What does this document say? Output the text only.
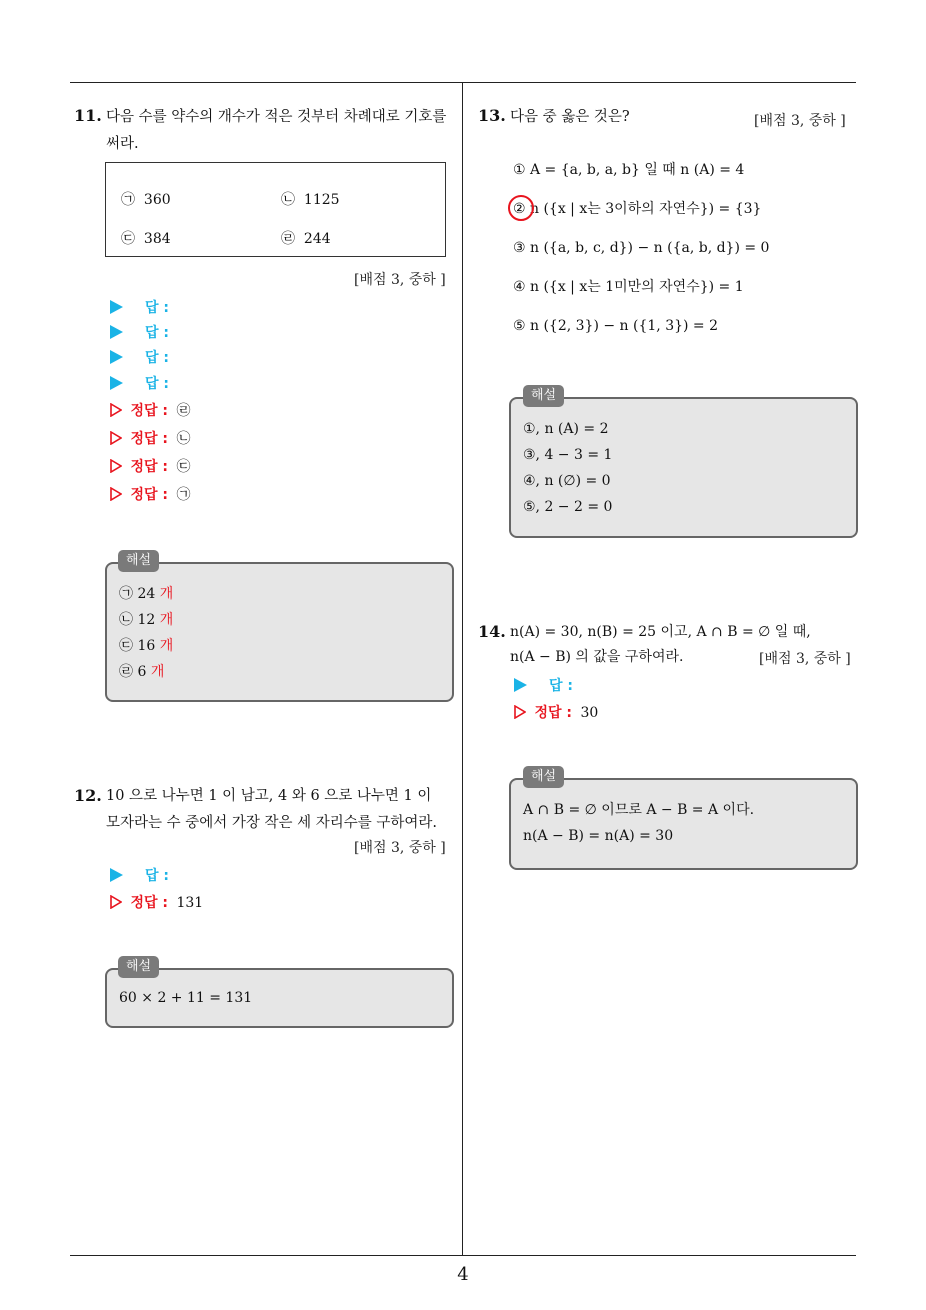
4
11. 다음 수를 약수의 개수가 적은 것부터 차례대로 기호를
써라.
㉠ 360	㉡ 1125
㉢ 384	㉣ 244
[배점 3, 중하 ]
답 :
답 :
답 :
답 :
정답 : ㉣
정답 : ㉡
정답 : ㉢
정답 : ㉠
㉠ 24 개
㉡ 12 개
㉢ 16 개
㉣ 6 개
해설
12. 10 으로 나누면 1 이 남고, 4 와 6 으로 나누면 1 이
모자라는 수 중에서 가장 작은 세 자리수를 구하여라.
[배점 3, 중하 ]
답 :
정답 : 131
60 × 2 + 11 = 131
해설
13. 다음 중 옳은 것은?	[배점 3, 중하 ]
① A = {a, b, a, b} 일 때 n (A) = 4
② n ({x | x는 3이하의 자연수}) = {3}
③ n ({a, b, c, d}) − n ({a, b, d}) = 0
④ n ({x | x는 1미만의 자연수}) = 1
⑤ n ({2, 3}) − n ({1, 3}) = 2
①, n (A) = 2
③, 4 − 3 = 1
④, n (∅) = 0
⑤, 2 − 2 = 0
해설
14. n(A) = 30, n(B) = 25 이고, A ∩ B = ∅ 일 때,
n(A − B) 의 값을 구하여라.	[배점 3, 중하 ]
답 :
정답 : 30
A ∩ B = ∅ 이므로 A − B = A 이다.
n(A − B) = n(A) = 30
해설
